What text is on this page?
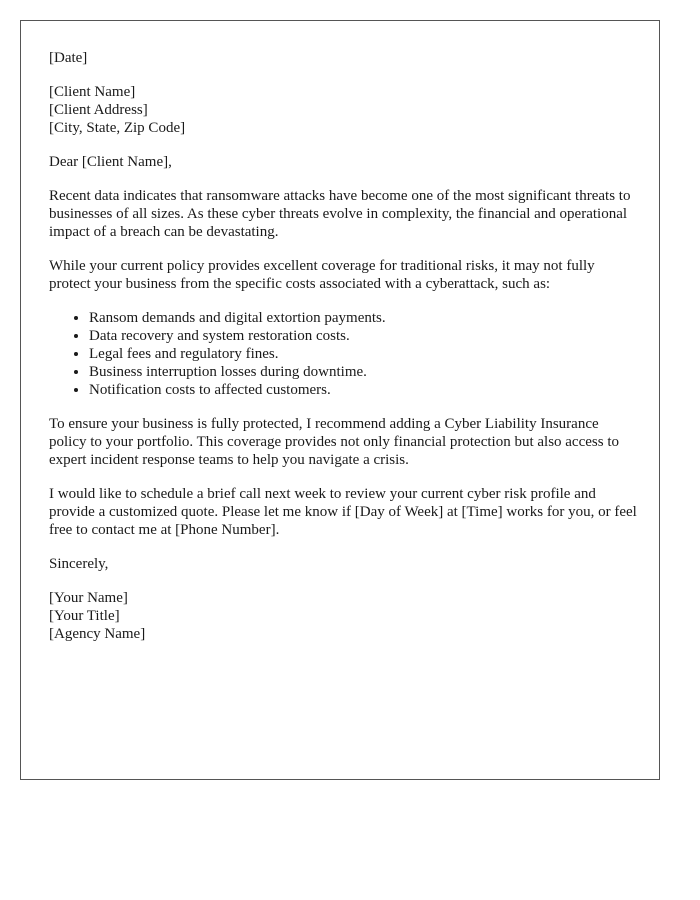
[Date]

[Client Name]
[Client Address]
[City, State, Zip Code]

Dear [Client Name],

Recent data indicates that ransomware attacks have become one of the most significant threats to businesses of all sizes. As these cyber threats evolve in complexity, the financial and operational impact of a breach can be devastating.

While your current policy provides excellent coverage for traditional risks, it may not fully protect your business from the specific costs associated with a cyberattack, such as:

• Ransom demands and digital extortion payments.
• Data recovery and system restoration costs.
• Legal fees and regulatory fines.
• Business interruption losses during downtime.
• Notification costs to affected customers.

To ensure your business is fully protected, I recommend adding a Cyber Liability Insurance policy to your portfolio. This coverage provides not only financial protection but also access to expert incident response teams to help you navigate a crisis.

I would like to schedule a brief call next week to review your current cyber risk profile and provide a customized quote. Please let me know if [Day of Week] at [Time] works for you, or feel free to contact me at [Phone Number].

Sincerely,

[Your Name]
[Your Title]
[Agency Name]
